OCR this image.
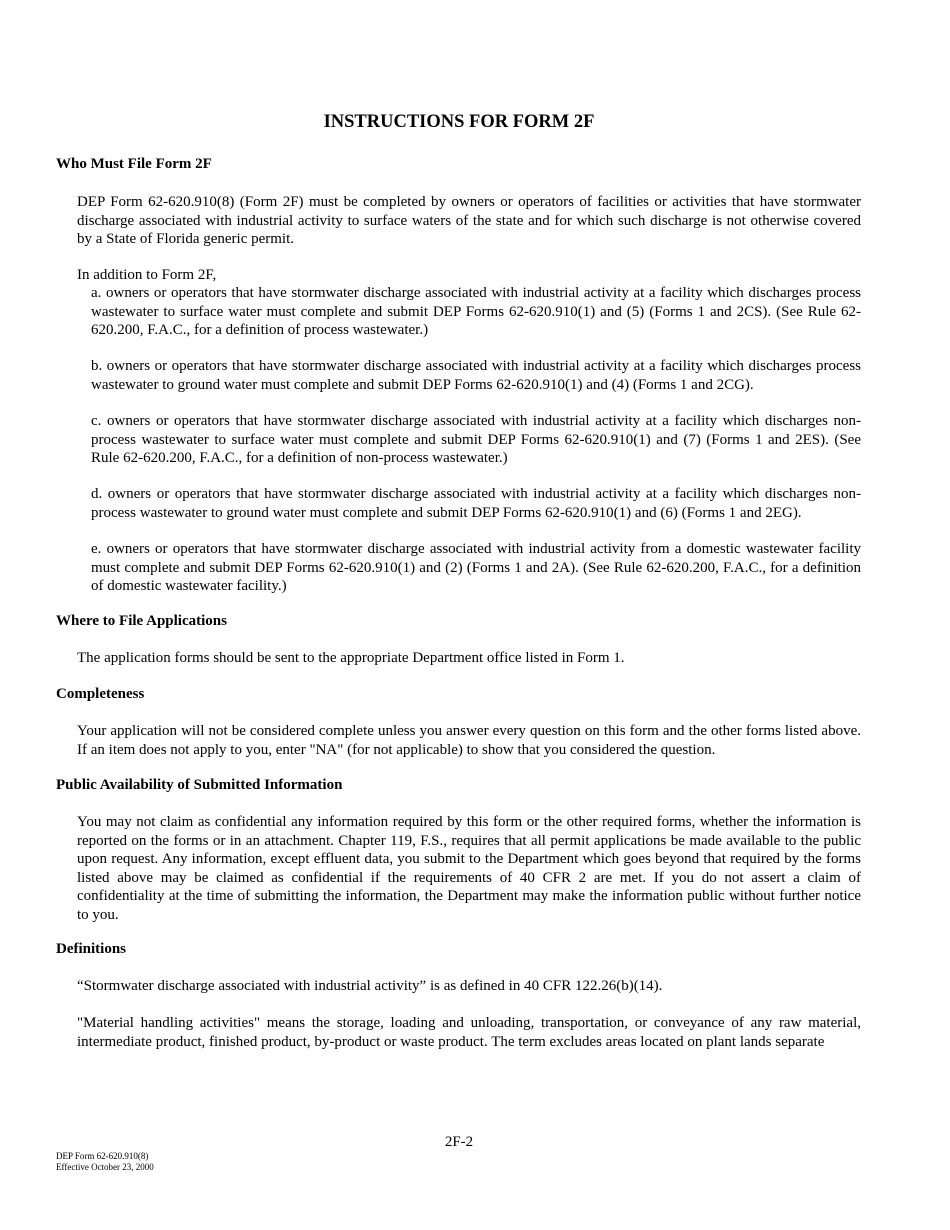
INSTRUCTIONS FOR FORM 2F
Who Must File Form 2F

DEP Form 62-620.910(8) (Form 2F) must be completed by owners or operators of facilities or activities that have stormwater discharge associated with industrial activity to surface waters of the state and for which such discharge is not otherwise covered by a State of Florida generic permit.

In addition to Form 2F,

a. owners or operators that have stormwater discharge associated with industrial activity at a facility which discharges process wastewater to surface water must complete and submit DEP Forms 62-620.910(1) and (5) (Forms 1 and 2CS). (See Rule 62-620.200, F.A.C., for a definition of process wastewater.)

b. owners or operators that have stormwater discharge associated with industrial activity at a facility which discharges process wastewater to ground water must complete and submit DEP Forms 62-620.910(1) and (4) (Forms 1 and 2CG).

c. owners or operators that have stormwater discharge associated with industrial activity at a facility which discharges non-process wastewater to surface water must complete and submit DEP Forms 62-620.910(1) and (7) (Forms 1 and 2ES). (See Rule 62-620.200, F.A.C., for a definition of non-process wastewater.)

d. owners or operators that have stormwater discharge associated with industrial activity at a facility which discharges non-process wastewater to ground water must complete and submit DEP Forms 62-620.910(1) and (6) (Forms 1 and 2EG).

e. owners or operators that have stormwater discharge associated with industrial activity from a domestic wastewater facility must complete and submit DEP Forms 62-620.910(1) and (2) (Forms 1 and 2A). (See Rule 62-620.200, F.A.C., for a definition of domestic wastewater facility.)

Where to File Applications

The application forms should be sent to the appropriate Department office listed in Form 1.

Completeness

Your application will not be considered complete unless you answer every question on this form and the other forms listed above. If an item does not apply to you, enter "NA" (for not applicable) to show that you considered the question.

Public Availability of Submitted Information

You may not claim as confidential any information required by this form or the other required forms, whether the information is reported on the forms or in an attachment. Chapter 119, F.S., requires that all permit applications be made available to the public upon request. Any information, except effluent data, you submit to the Department which goes beyond that required by the forms listed above may be claimed as confidential if the requirements of 40 CFR 2 are met. If you do not assert a claim of confidentiality at the time of submitting the information, the Department may make the information public without further notice to you.

Definitions

“Stormwater discharge associated with industrial activity” is as defined in 40 CFR 122.26(b)(14).

"Material handling activities" means the storage, loading and unloading, transportation, or conveyance of any raw material, intermediate product, finished product, by-product or waste product. The term excludes areas located on plant lands separate

2F-2
DEP Form 62-620.910(8)
Effective October 23, 2000
